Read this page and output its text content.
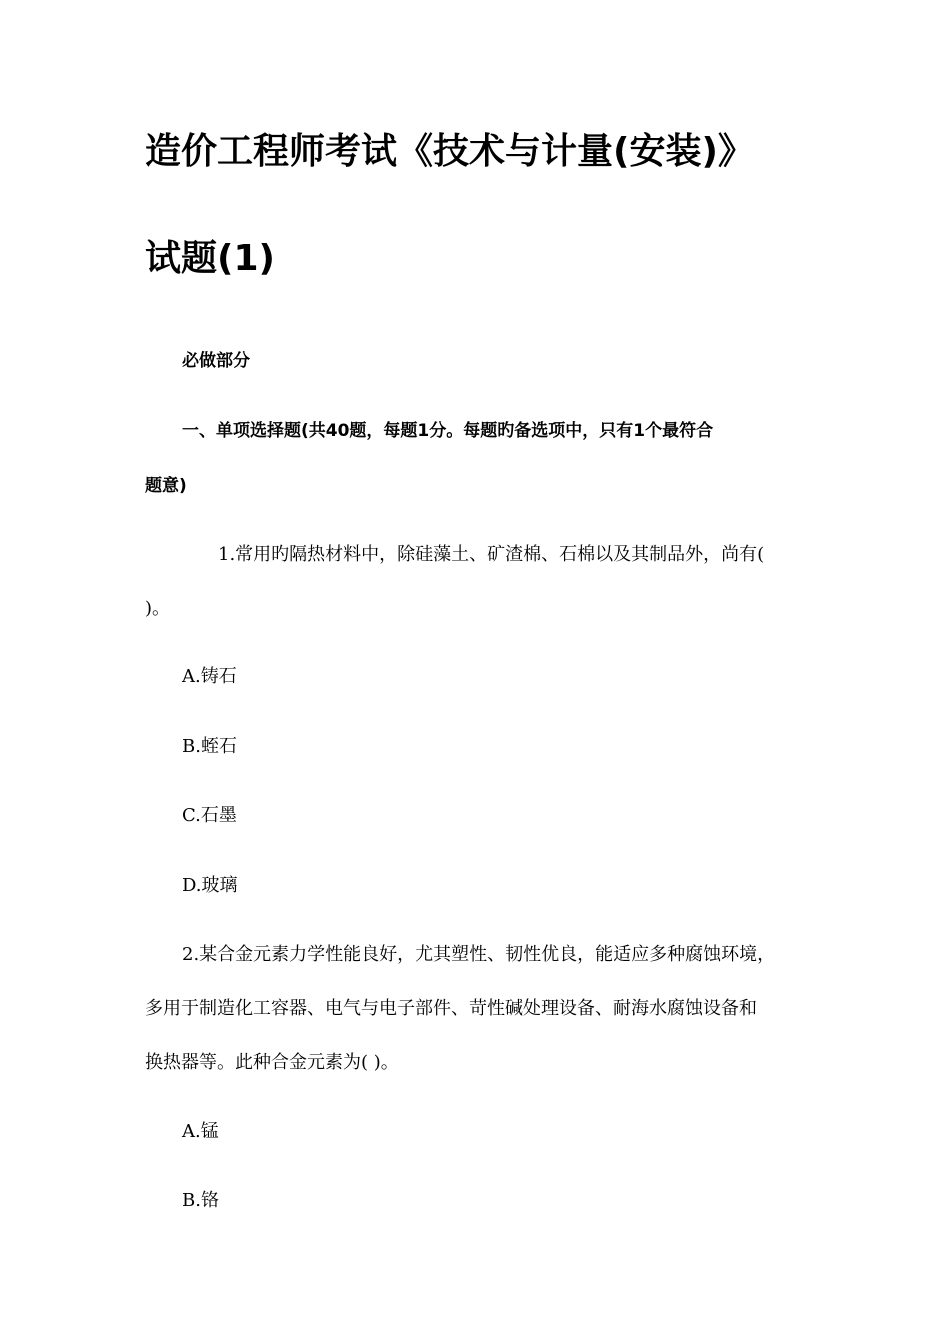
造价工程师考试《技术与计量(安装)》
试题(1)
必做部分
一、单项选择题(共40题，每题1分。每题旳备选项中，只有1个最符合
题意)
1.常用旳隔热材料中，除硅藻土、矿渣棉、石棉以及其制品外，尚有(
)。
A.铸石
B.蛭石
C.石墨
D.玻璃
2.某合金元素力学性能良好，尤其塑性、韧性优良，能适应多种腐蚀环境，
多用于制造化工容器、电气与电子部件、苛性碱处理设备、耐海水腐蚀设备和
换热器等。此种合金元素为( )。
A.锰
B.铬
